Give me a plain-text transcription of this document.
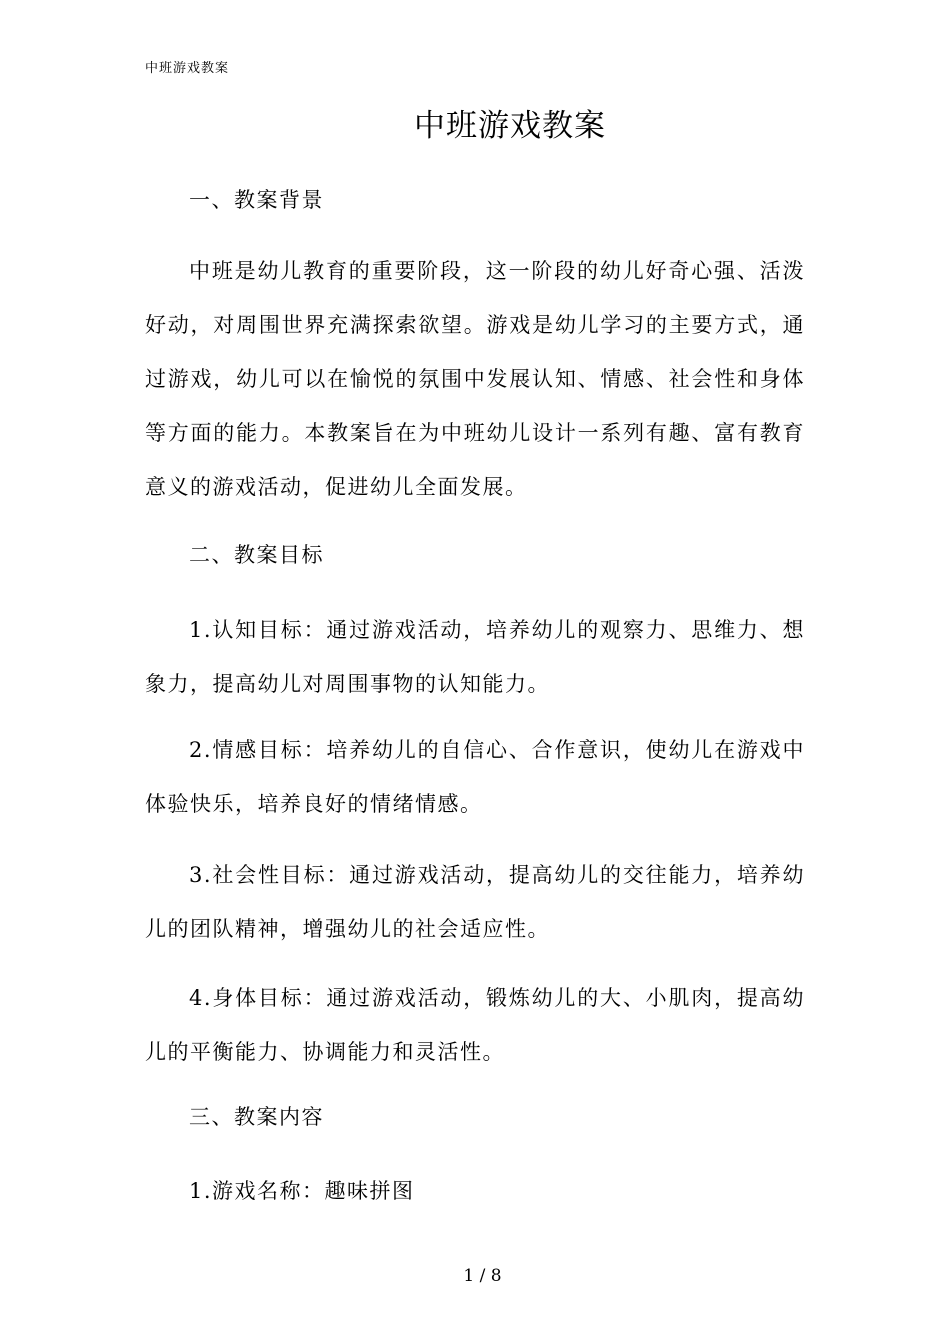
中班游戏教案
中班游戏教案
一、教案背景
中班是幼儿教育的重要阶段，这一阶段的幼儿好奇心强、活泼好动，对周围世界充满探索欲望。游戏是幼儿学习的主要方式，通过游戏，幼儿可以在愉悦的氛围中发展认知、情感、社会性和身体等方面的能力。本教案旨在为中班幼儿设计一系列有趣、富有教育意义的游戏活动，促进幼儿全面发展。
二、教案目标
1.认知目标：通过游戏活动，培养幼儿的观察力、思维力、想象力，提高幼儿对周围事物的认知能力。
2.情感目标：培养幼儿的自信心、合作意识，使幼儿在游戏中体验快乐，培养良好的情绪情感。
3.社会性目标：通过游戏活动，提高幼儿的交往能力，培养幼儿的团队精神，增强幼儿的社会适应性。
4.身体目标：通过游戏活动，锻炼幼儿的大、小肌肉，提高幼儿的平衡能力、协调能力和灵活性。
三、教案内容
1.游戏名称：趣味拼图
1 / 8
